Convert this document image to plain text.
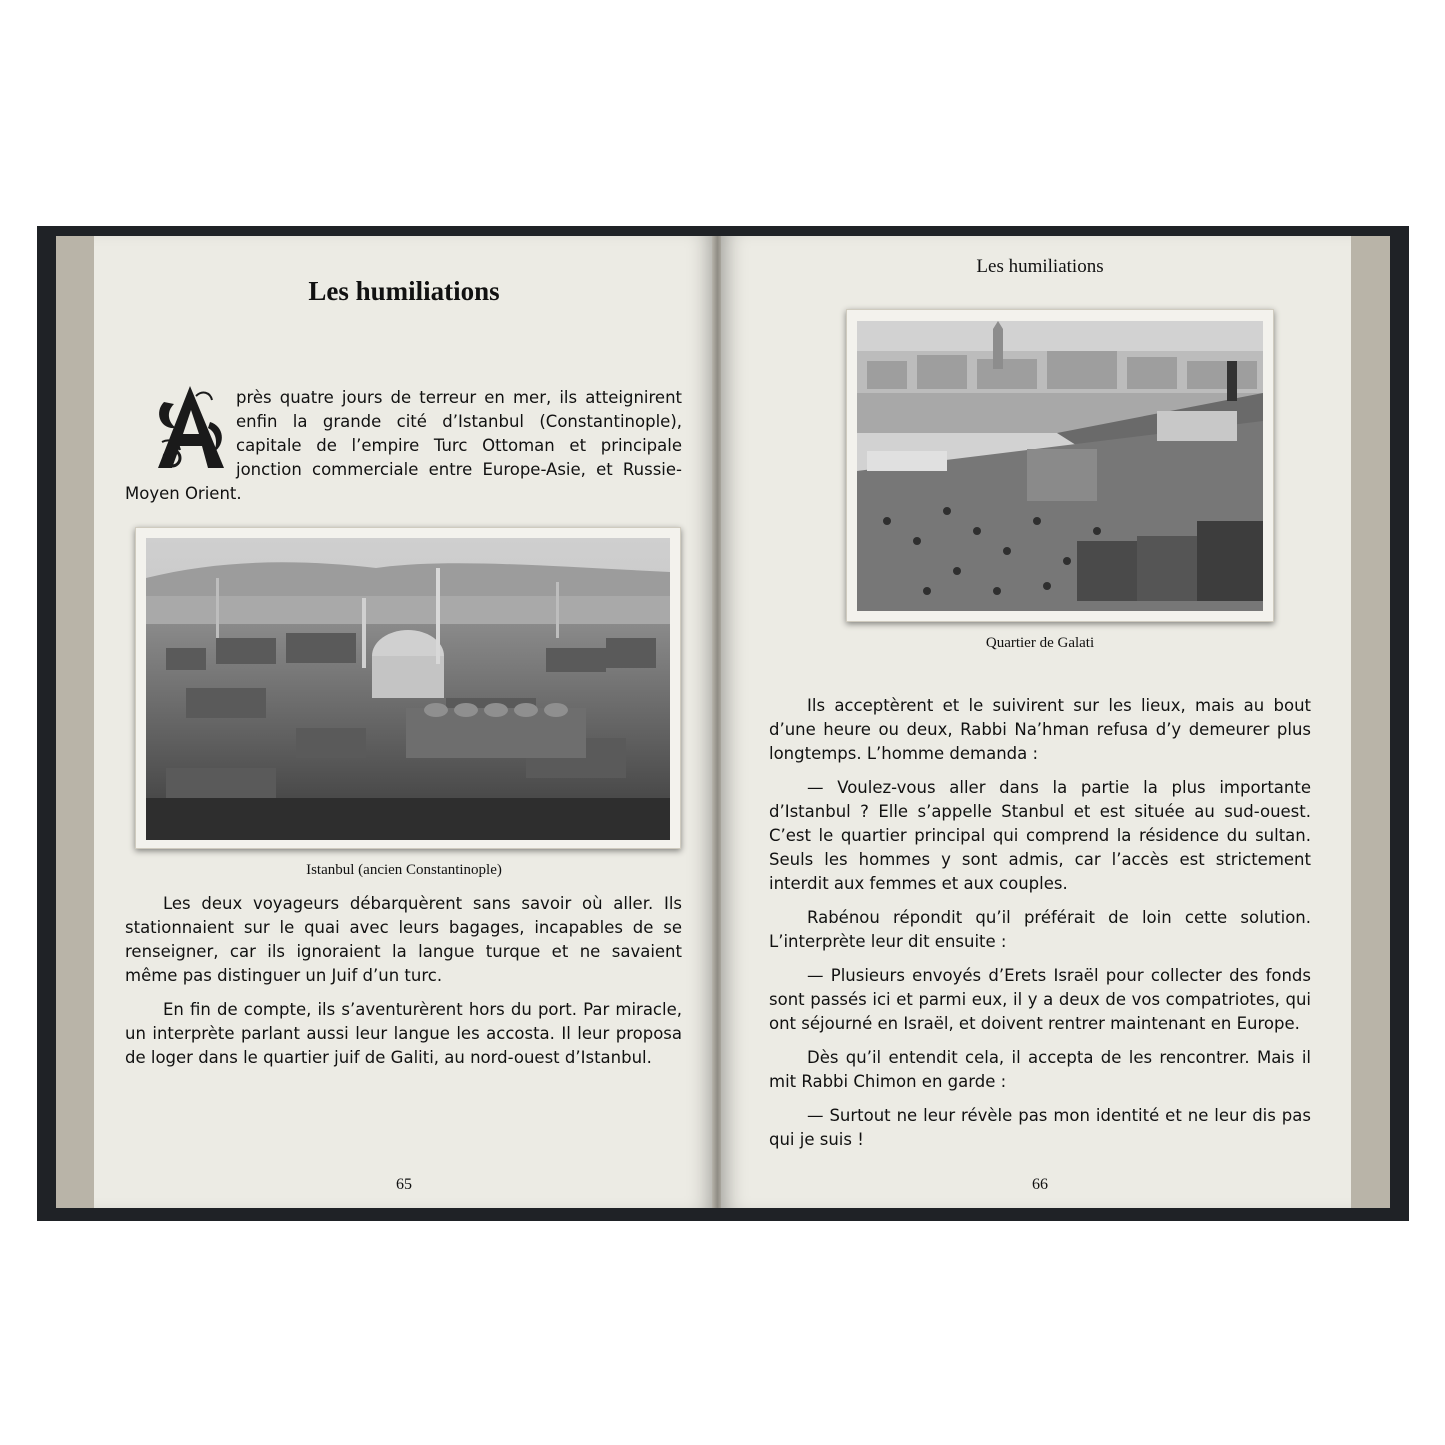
Les humiliations
près quatre jours de terreur en mer, ils atteignirent
enfin la grande cité d’Istanbul (Constantinople),
capitale de l’empire Turc Ottoman et principale
jonction commerciale entre Europe-Asie, et Russie-
Moyen Orient.
Istanbul (ancien Constantinople)

Les deux voyageurs débarquèrent sans savoir où aller. Ils stationnaient sur le quai avec leurs bagages, incapables de se renseigner, car ils ignoraient la langue turque et ne savaient même pas distinguer un Juif d’un turc.

En fin de compte, ils s’aventurèrent hors du port. Par miracle, un interprète parlant aussi leur langue les accosta. Il leur proposa de loger dans le quartier juif de Galiti, au nord-ouest d’Istanbul.

65
Les humiliations
Quartier de Galati

Ils acceptèrent et le suivirent sur les lieux, mais au bout d’une heure ou deux, Rabbi Na’hman refusa d’y demeurer plus longtemps. L’homme demanda :

— Voulez-vous aller dans la partie la plus importante d’Istanbul ? Elle s’appelle Stanbul et est située au sud-ouest. C’est le quartier principal qui comprend la résidence du sultan. Seuls les hommes y sont admis, car l’accès est strictement interdit aux femmes et aux couples.

Rabénou répondit qu’il préférait de loin cette solution. L’interprète leur dit ensuite :

— Plusieurs envoyés d’Erets Israël pour collecter des fonds sont passés ici et parmi eux, il y a deux de vos compatriotes, qui ont séjourné en Israël, et doivent rentrer maintenant en Europe.

Dès qu’il entendit cela, il accepta de les rencontrer. Mais il mit Rabbi Chimon en garde :

— Surtout ne leur révèle pas mon identité et ne leur dis pas qui je suis !

66
